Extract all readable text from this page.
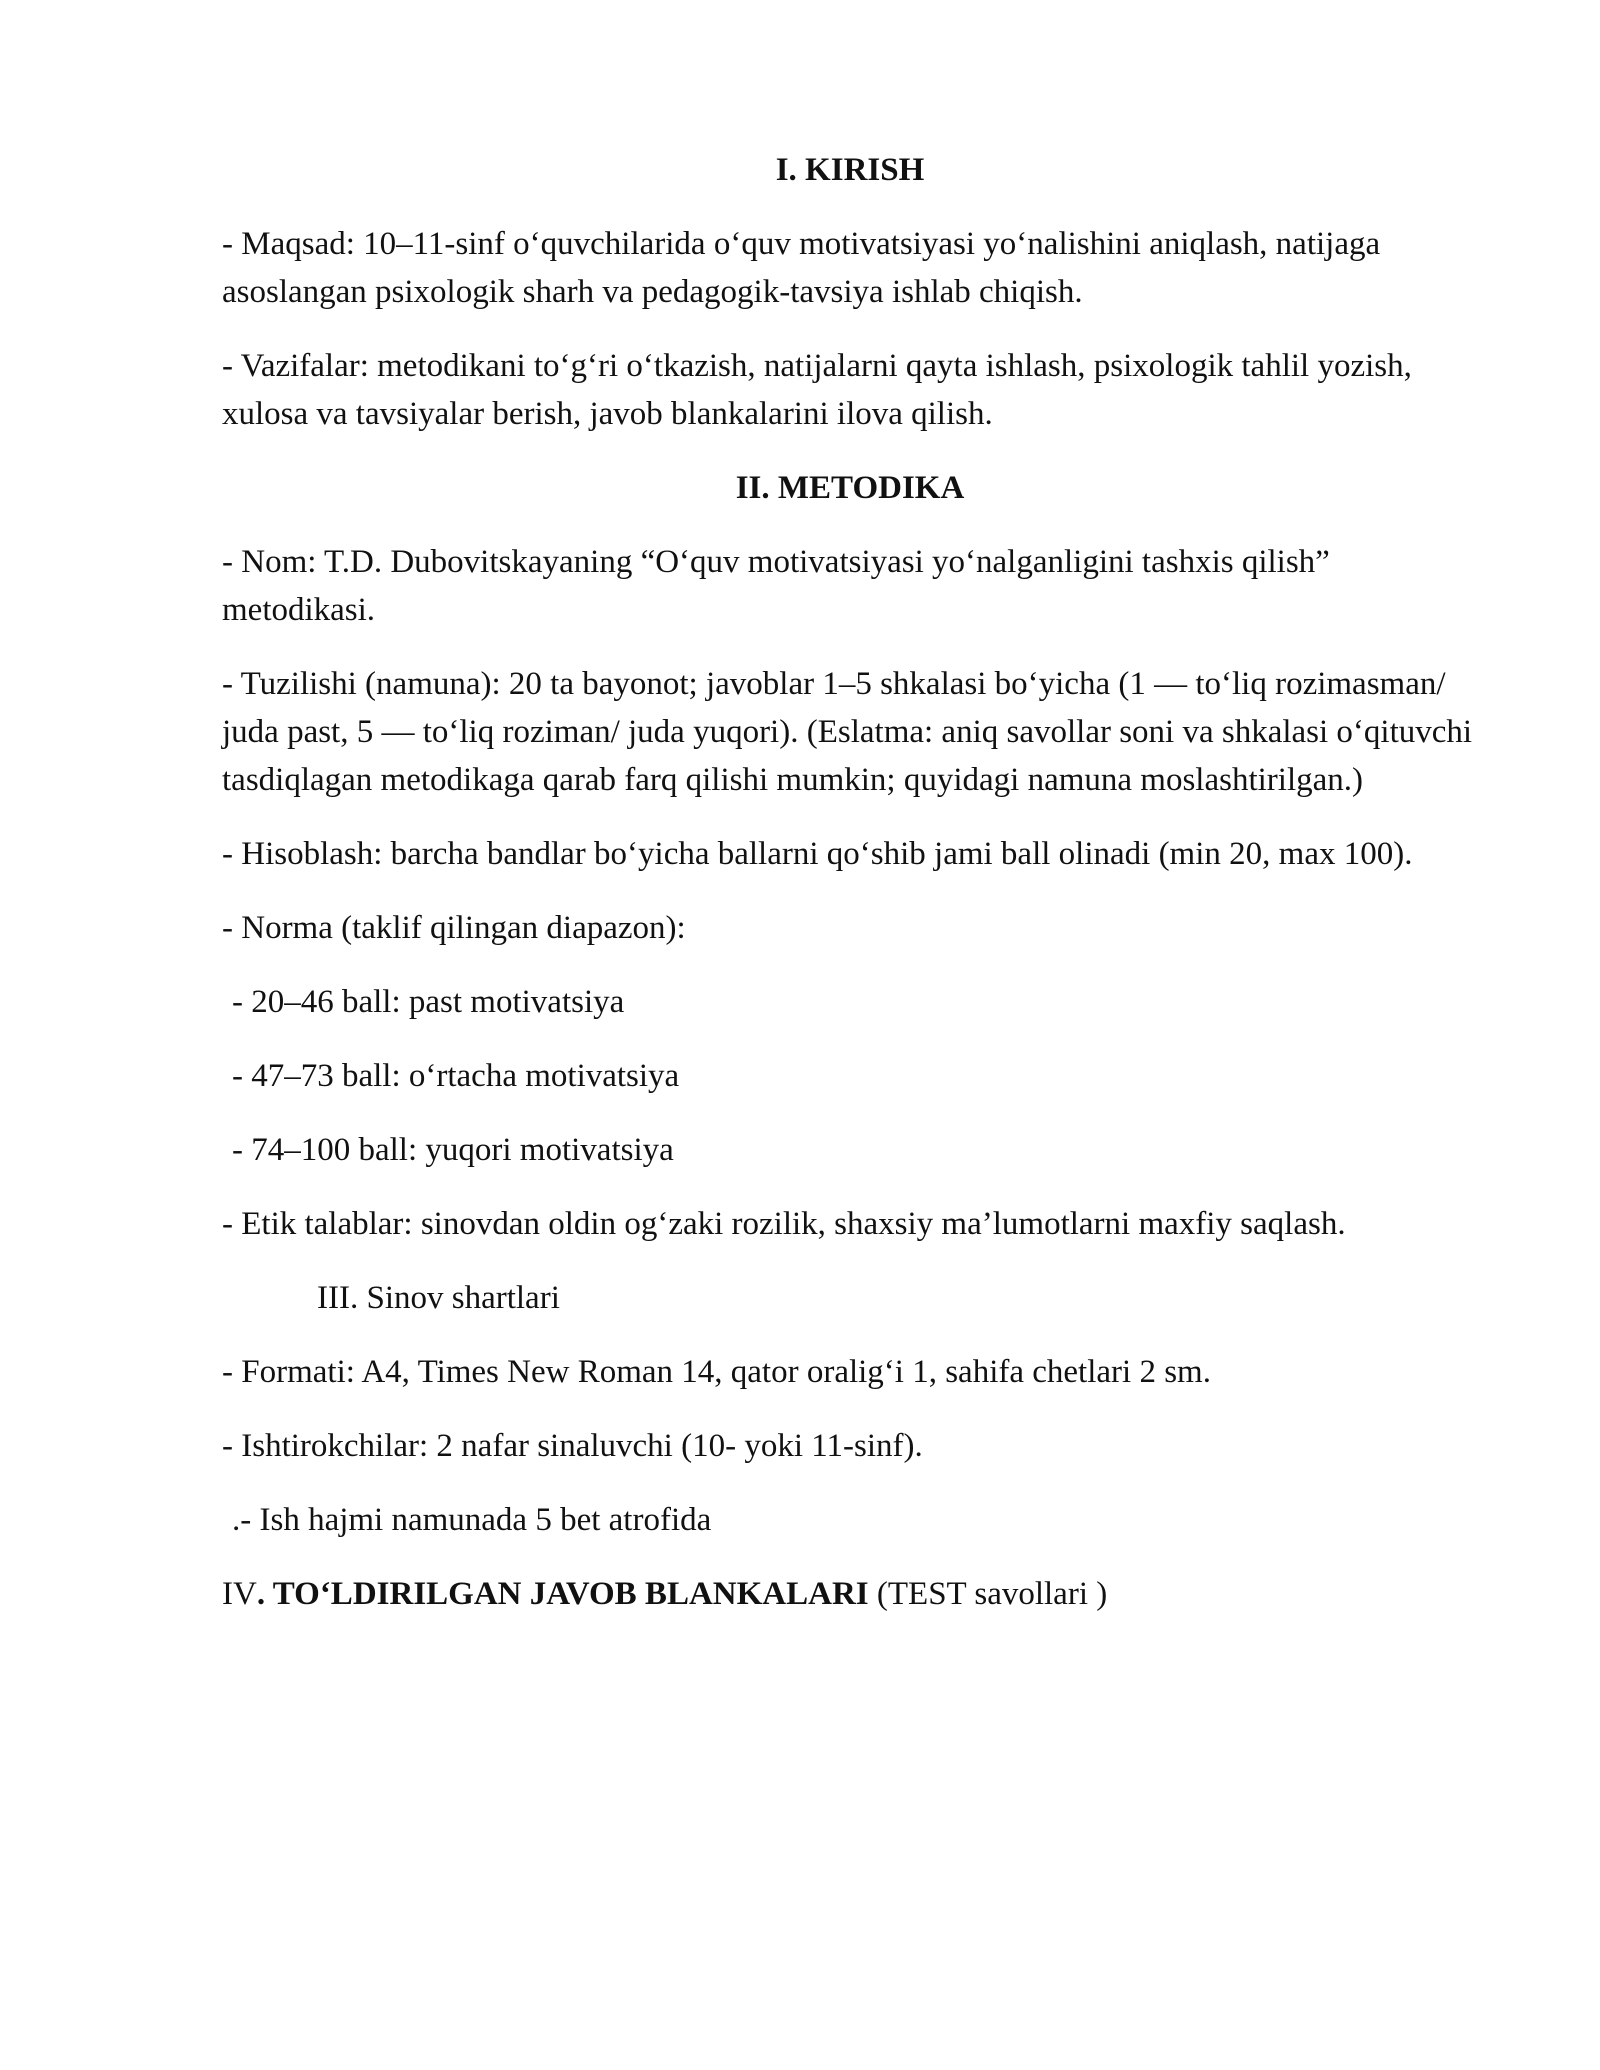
I. KIRISH
- Maqsad: 10–11-sinf o‘quvchilarida o‘quv motivatsiyasi yo‘nalishini aniqlash, natijaga asoslangan psixologik sharh va pedagogik-tavsiya ishlab chiqish.
- Vazifalar: metodikani to‘g‘ri o‘tkazish, natijalarni qayta ishlash, psixologik tahlil yozish, xulosa va tavsiyalar berish, javob blankalarini ilova qilish.
II. METODIKA
- Nom: T.D. Dubovitskayaning “O‘quv motivatsiyasi yo‘nalganligini tashxis qilish” metodikasi.
- Tuzilishi (namuna): 20 ta bayonot; javoblar 1–5 shkalasi bo‘yicha (1 — to‘liq rozimasman/ juda past, 5 — to‘liq roziman/ juda yuqori). (Eslatma: aniq savollar soni va shkalasi o‘qituvchi tasdiqlagan metodikaga qarab farq qilishi mumkin; quyidagi namuna moslashtirilgan.)
- Hisoblash: barcha bandlar bo‘yicha ballarni qo‘shib jami ball olinadi (min 20, max 100).
- Norma (taklif qilingan diapazon):
- 20–46 ball: past motivatsiya
- 47–73 ball: o‘rtacha motivatsiya
- 74–100 ball: yuqori motivatsiya
- Etik talablar: sinovdan oldin og‘zaki rozilik, shaxsiy ma’lumotlarni maxfiy saqlash.
III. Sinov shartlari
- Formati: A4, Times New Roman 14, qator oralig‘i 1, sahifa chetlari 2 sm.
- Ishtirokchilar: 2 nafar sinaluvchi (10- yoki 11-sinf).
.- Ish hajmi namunada 5 bet atrofida
IV. TO‘LDIRILGAN JAVOB BLANKALARI (TEST savollari )
